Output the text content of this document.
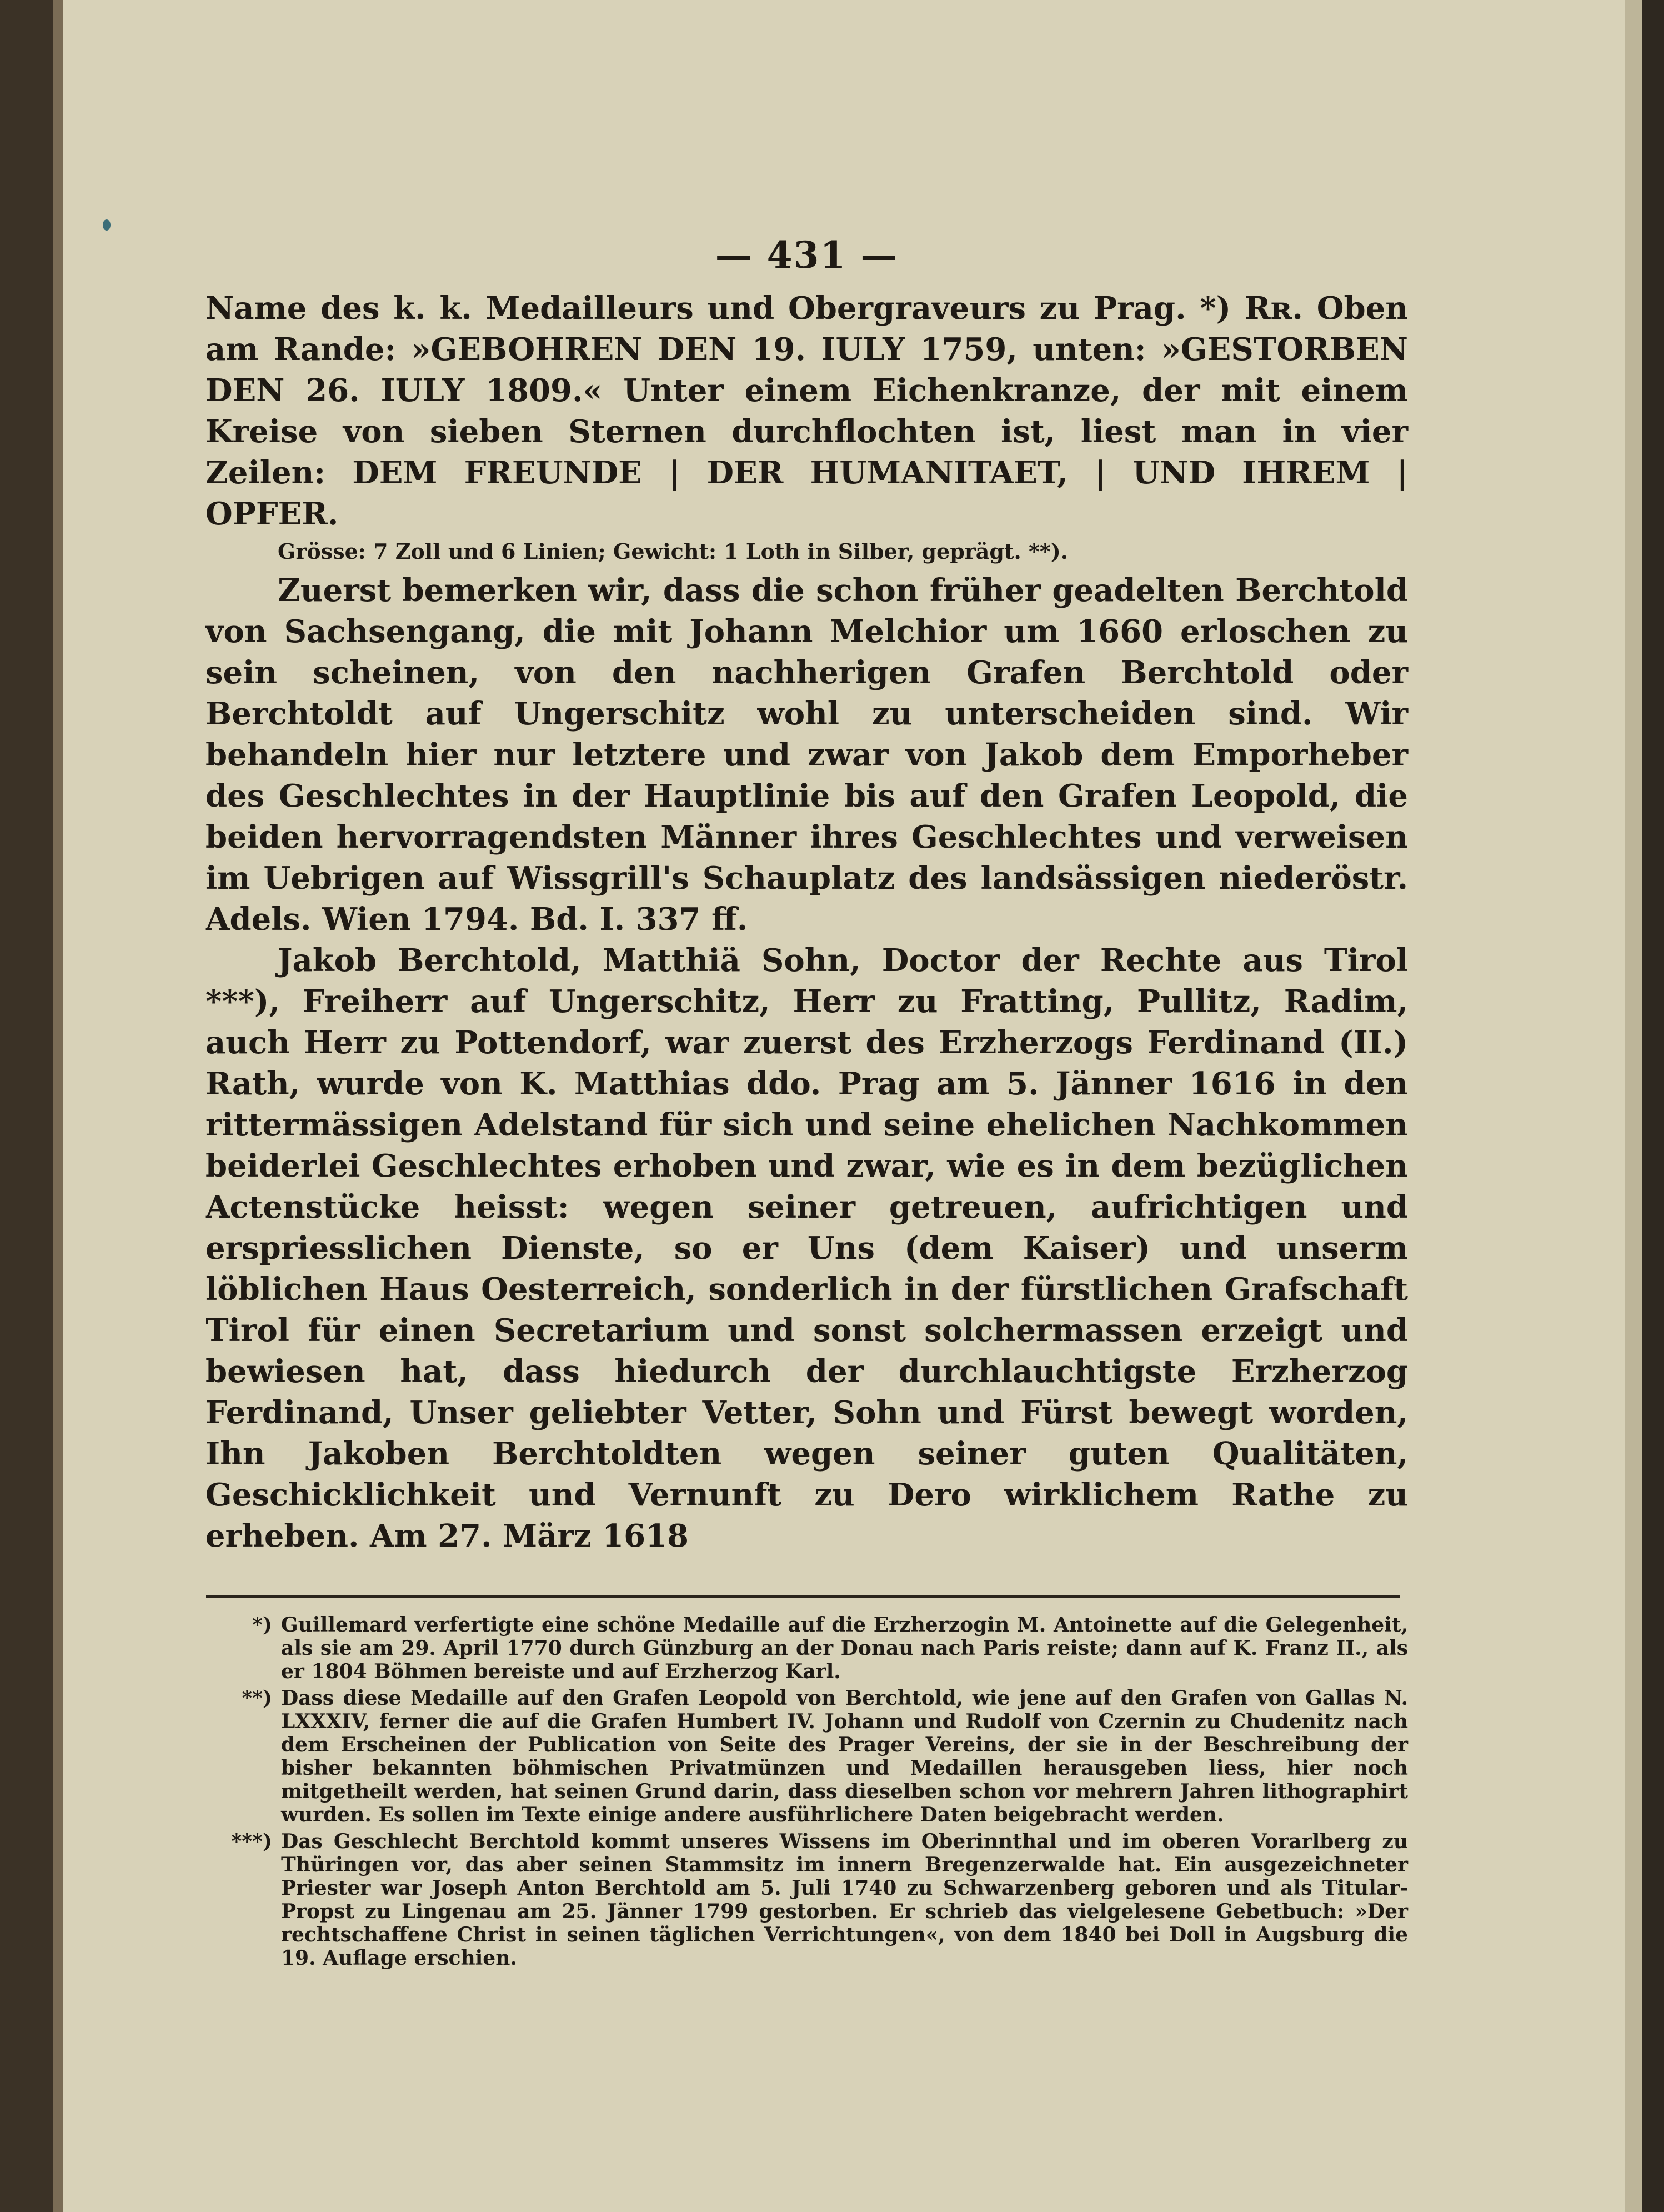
— 431 —

Name des k. k. Medailleurs und Obergraveurs zu Prag. *) Rʀ. Oben am Rande: »GEBOHREN DEN 19. IULY 1759, unten: »GESTORBEN DEN 26. IULY 1809.« Unter einem Eichenkranze, der mit einem Kreise von sieben Sternen durchflochten ist, liest man in vier Zeilen: DEM FREUNDE | DER HUMANITAET, | UND IHREM | OPFER.

Grösse: 7 Zoll und 6 Linien; Gewicht: 1 Loth in Silber, geprägt. **).

Zuerst bemerken wir, dass die schon früher geadelten Berchtold von Sachsengang, die mit Johann Melchior um 1660 erloschen zu sein scheinen, von den nachherigen Grafen Berchtold oder Berchtoldt auf Ungerschitz wohl zu unterscheiden sind. Wir behandeln hier nur letztere und zwar von Jakob dem Emporheber des Geschlechtes in der Hauptlinie bis auf den Grafen Leopold, die beiden hervorragendsten Männer ihres Geschlechtes und verweisen im Uebrigen auf Wissgrill's Schauplatz des landsässigen niederöstr. Adels. Wien 1794. Bd. I. 337 ff.

Jakob Berchtold, Matthiä Sohn, Doctor der Rechte aus Tirol ***), Freiherr auf Ungerschitz, Herr zu Fratting, Pullitz, Radim, auch Herr zu Pottendorf, war zuerst des Erzherzogs Ferdinand (II.) Rath, wurde von K. Matthias ddo. Prag am 5. Jänner 1616 in den rittermässigen Adelstand für sich und seine ehelichen Nachkommen beiderlei Geschlechtes erhoben und zwar, wie es in dem bezüglichen Actenstücke heisst: wegen seiner getreuen, aufrichtigen und erspriesslichen Dienste, so er Uns (dem Kaiser) und unserm löblichen Haus Oesterreich, sonderlich in der fürstlichen Grafschaft Tirol für einen Secretarium und sonst solchermassen erzeigt und bewiesen hat, dass hiedurch der durchlauchtigste Erzherzog Ferdinand, Unser geliebter Vetter, Sohn und Fürst bewegt worden, Ihn Jakoben Berchtoldten wegen seiner guten Qualitäten, Geschicklichkeit und Vernunft zu Dero wirklichem Rathe zu erheben. Am 27. März 1618

*) Guillemard verfertigte eine schöne Medaille auf die Erzherzogin M. Antoinette auf die Gelegenheit, als sie am 29. April 1770 durch Günzburg an der Donau nach Paris reiste; dann auf K. Franz II., als er 1804 Böhmen bereiste und auf Erzherzog Karl.
**) Dass diese Medaille auf den Grafen Leopold von Berchtold, wie jene auf den Grafen von Gallas N. LXXXIV, ferner die auf die Grafen Humbert IV. Johann und Rudolf von Czernin zu Chudenitz nach dem Erscheinen der Publication von Seite des Prager Vereins, der sie in der Beschreibung der bisher bekannten böhmischen Privatmünzen und Medaillen herausgeben liess, hier noch mitgetheilt werden, hat seinen Grund darin, dass dieselben schon vor mehrern Jahren lithographirt wurden. Es sollen im Texte einige andere ausführlichere Daten beigebracht werden.
***) Das Geschlecht Berchtold kommt unseres Wissens im Oberinnthal und im oberen Vorarlberg zu Thüringen vor, das aber seinen Stammsitz im innern Bregenzerwalde hat. Ein ausgezeichneter Priester war Joseph Anton Berchtold am 5. Juli 1740 zu Schwarzenberg geboren und als Titular-Propst zu Lingenau am 25. Jänner 1799 gestorben. Er schrieb das vielgelesene Gebetbuch: »Der rechtschaffene Christ in seinen täglichen Verrichtungen«, von dem 1840 bei Doll in Augsburg die 19. Auflage erschien.
